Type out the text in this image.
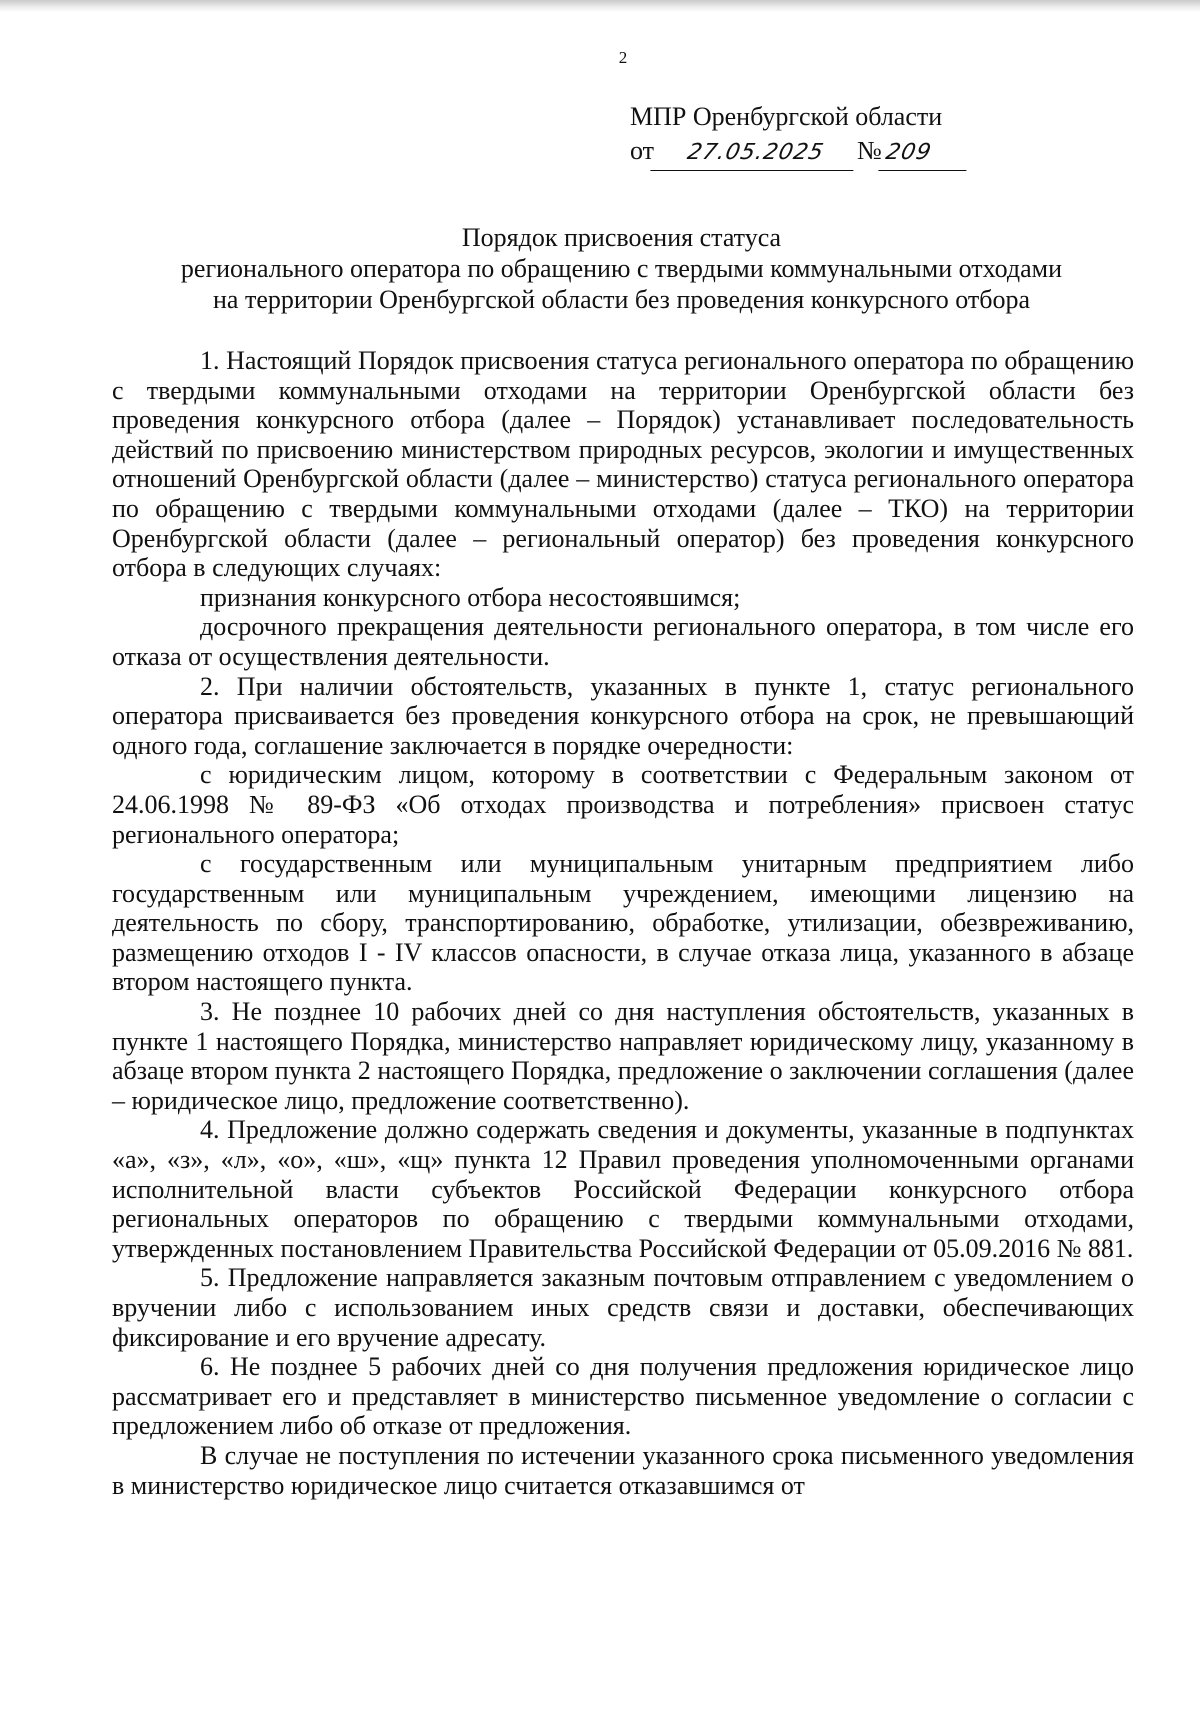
2
МПР Оренбургской области
от 27.05.2025 №209
Порядок присвоения статуса
регионального оператора по обращению с твердыми коммунальными отходами
на территории Оренбургской области без проведения конкурсного отбора

1. Настоящий Порядок присвоения статуса регионального оператора по обращению с твердыми коммунальными отходами на территории Оренбургской области без проведения конкурсного отбора (далее – Порядок) устанавливает последовательность действий по присвоению министерством природных ресурсов, экологии и имущественных отношений Оренбургской области (далее – министерство) статуса регионального оператора по обращению с твердыми коммунальными отходами (далее – ТКО) на территории Оренбургской области (далее – региональный оператор) без проведения конкурсного отбора в следующих случаях:

признания конкурсного отбора несостоявшимся;

досрочного прекращения деятельности регионального оператора, в том числе его отказа от осуществления деятельности.

2. При наличии обстоятельств, указанных в пункте 1, статус регионального оператора присваивается без проведения конкурсного отбора на срок, не превышающий одного года, соглашение заключается в порядке очередности:

с юридическим лицом, которому в соответствии с Федеральным законом от 24.06.1998 № 89-ФЗ «Об отходах производства и потребления» присвоен статус регионального оператора;

с государственным или муниципальным унитарным предприятием либо государственным или муниципальным учреждением, имеющими лицензию на деятельность по сбору, транспортированию, обработке, утилизации, обезвреживанию, размещению отходов I - IV классов опасности, в случае отказа лица, указанного в абзаце втором настоящего пункта.

3. Не позднее 10 рабочих дней со дня наступления обстоятельств, указанных в пункте 1 настоящего Порядка, министерство направляет юридическому лицу, указанному в абзаце втором пункта 2 настоящего Порядка, предложение о заключении соглашения (далее – юридическое лицо, предложение соответственно).

4. Предложение должно содержать сведения и документы, указанные в подпунктах «а», «з», «л», «о», «ш», «щ» пункта 12 Правил проведения уполномоченными органами исполнительной власти субъектов Российской Федерации конкурсного отбора региональных операторов по обращению с твердыми коммунальными отходами, утвержденных постановлением Правительства Российской Федерации от 05.09.2016 № 881.

5. Предложение направляется заказным почтовым отправлением с уведомлением о вручении либо с использованием иных средств связи и доставки, обеспечивающих фиксирование и его вручение адресату.

6. Не позднее 5 рабочих дней со дня получения предложения юридическое лицо рассматривает его и представляет в министерство письменное уведомление о согласии с предложением либо об отказе от предложения.

В случае не поступления по истечении указанного срока письменного уведомления в министерство юридическое лицо считается отказавшимся от
